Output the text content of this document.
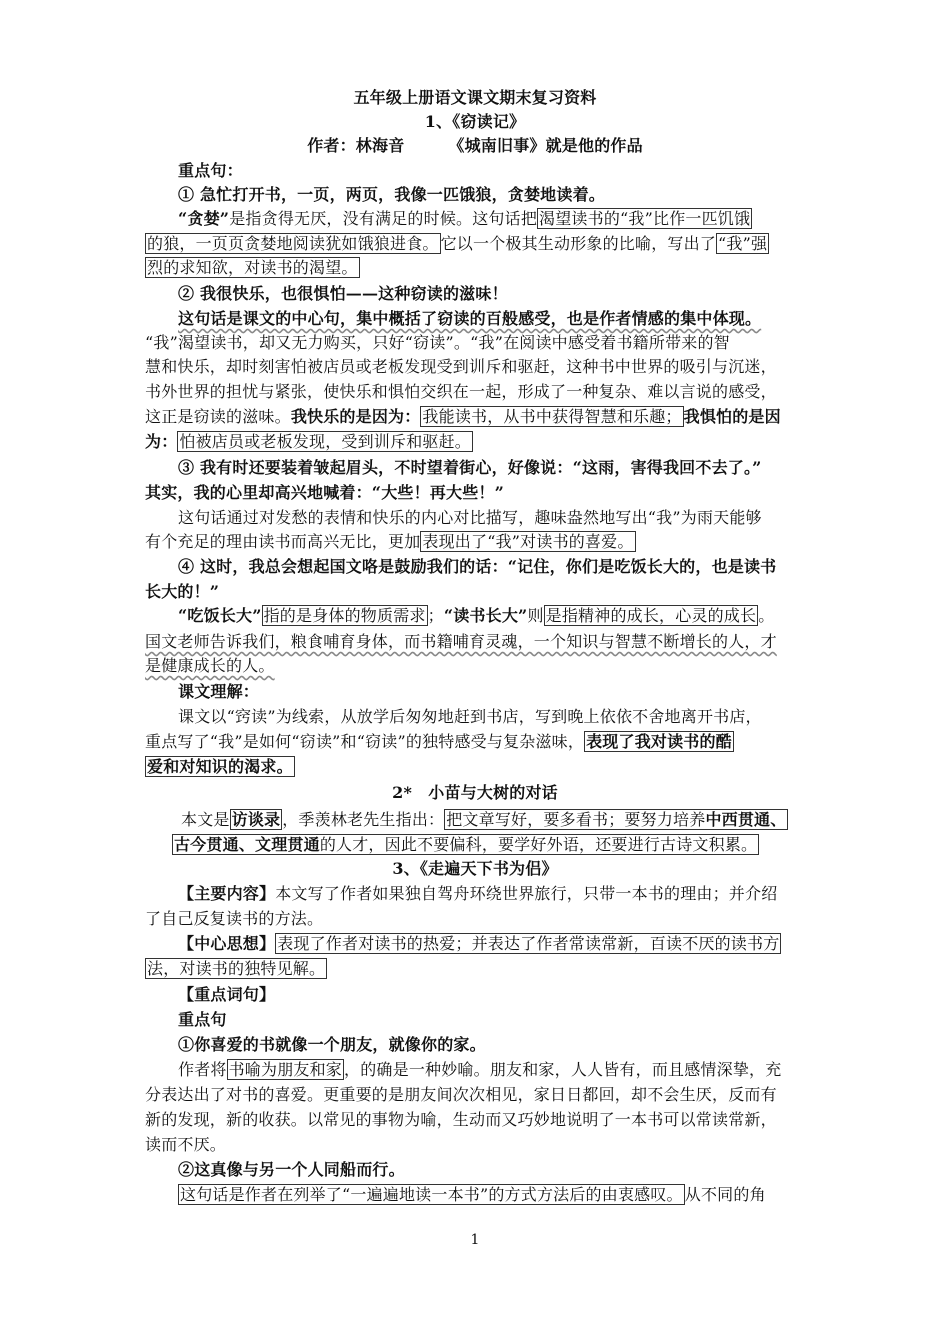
五年级上册语文课文期末复习资料
1、《窃读记》
作者：林海音	《城南旧事》就是他的作品
重点句：
① 急忙打开书，一页，两页，我像一匹饿狼，贪婪地读着。
“贪婪”是指贪得无厌，没有满足的时候。这句话把 渴望读书的“我”比作一匹饥饿
的狼，一页页贪婪地阅读犹如饿狼进食。 它以一个极其生动形象的比喻，写出了 “我”强
烈的求知欲，对读书的渴望。
② 我很快乐，也很惧怕——这种窃读的滋味！
这句话是课文的中心句，集中概括了窃读的百般感受，也是作者情感的集中体现。
“我”渴望读书，却又无力购买，只好“窃读”。“我”在阅读中感受着书籍所带来的智
慧和快乐，却时刻害怕被店员或老板发现受到训斥和驱赶，这种书中世界的吸引与沉迷，
书外世界的担忧与紧张，使快乐和惧怕交织在一起，形成了一种复杂、难以言说的感受，
这正是窃读的滋味。我快乐的是因为： 我能读书，从书中获得智慧和乐趣； 我惧怕的是因
为： 怕被店员或老板发现，受到训斥和驱赶。
③ 我有时还要装着皱起眉头，不时望着街心，好像说：“这雨，害得我回不去了。”
其实，我的心里却高兴地喊着：“大些！再大些！”
这句话通过对发愁的表情和快乐的内心对比描写，趣味盎然地写出“我”为雨天能够
有个充足的理由读书而高兴无比，更加 表现出了“我”对读书的喜爱。
④ 这时，我总会想起国文咯是鼓励我们的话：“记住，你们是吃饭长大的，也是读书
长大的！”
“吃饭长大” 指的是身体的物质需求 ；“读书长大”则 是指精神的成长，心灵的成长 。
国文老师告诉我们，粮食哺育身体，而书籍哺育灵魂，一个知识与智慧不断增长的人，才
是健康成长的人。
课文理解：
课文以“窍读”为线索，从放学后匆匆地赶到书店，写到晚上依依不舍地离开书店，
重点写了“我”是如何“窃读”和“窃读”的独特感受与复杂滋味， 表现了我对读书的酷
爱和对知识的渴求。
2*　小苗与大树的对话
本文是 访谈录 ，季羡林老先生指出： 把文章写好，要多看书；要努力培养中西贯通、
古今贯通、文理贯通的人才，因此不要偏科，要学好外语，还要进行古诗文积累。
3、《走遍天下书为侣》
【主要内容】本文写了作者如果独自驾舟环绕世界旅行，只带一本书的理由；并介绍
了自己反复读书的方法。
【中心思想】 表现了作者对读书的热爱；并表达了作者常读常新，百读不厌的读书方
法，对读书的独特见解。
【重点词句】
重点句
①你喜爱的书就像一个朋友，就像你的家。
作者将 书喻为朋友和家 ，的确是一种妙喻。朋友和家，人人皆有，而且感情深挚，充
分表达出了对书的喜爱。更重要的是朋友间次次相见，家日日都回，却不会生厌，反而有
新的发现，新的收获。以常见的事物为喻，生动而又巧妙地说明了一本书可以常读常新，
读而不厌。
②这真像与另一个人同船而行。
这句话是作者在列举了“一遍遍地读一本书”的方式方法后的由衷感叹。 从不同的角
1
